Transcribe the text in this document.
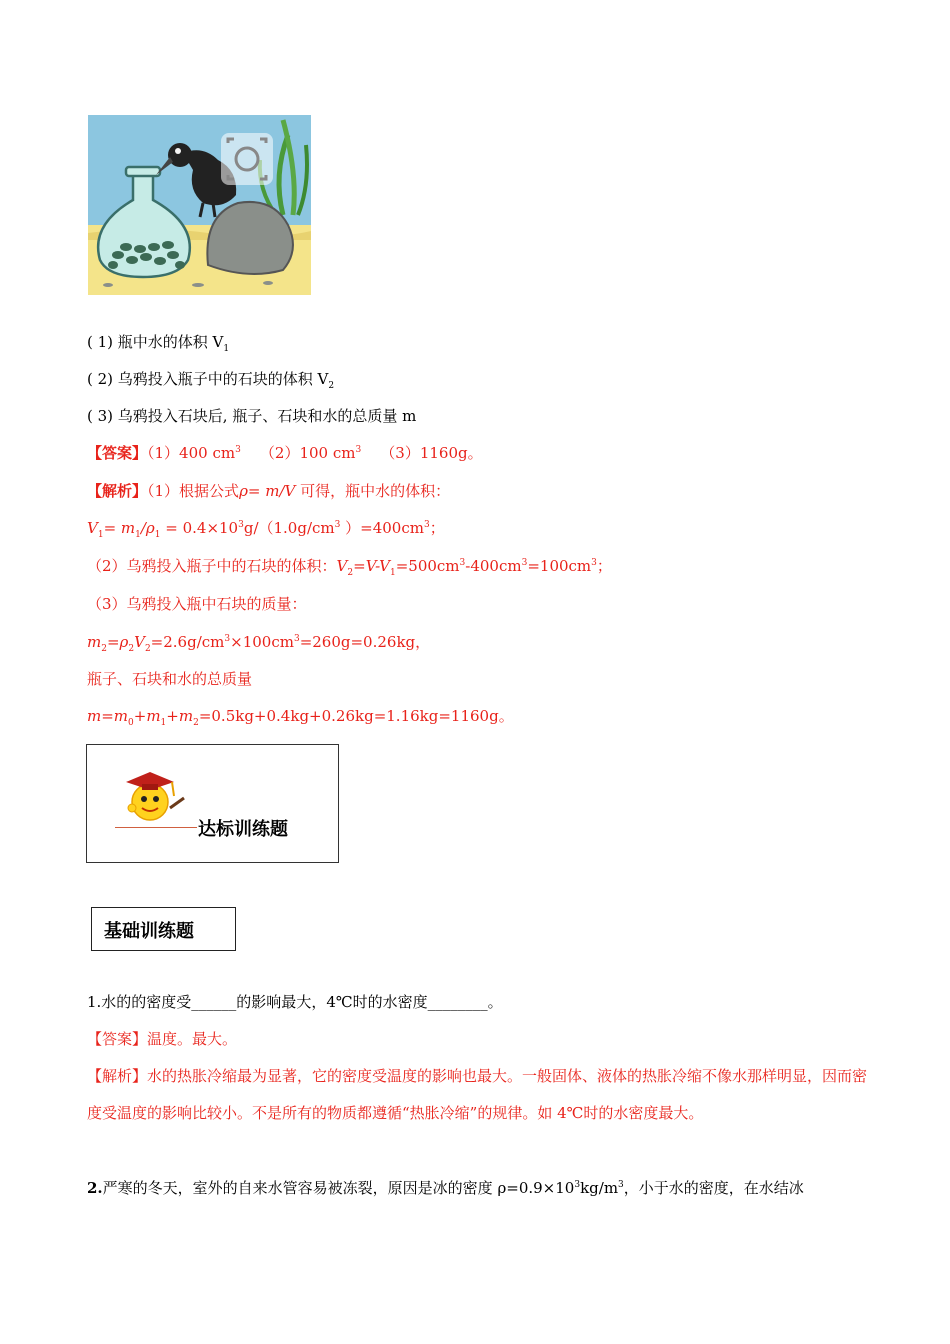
( 1) 瓶中水的体积 $V_1$
( 2) 乌鸦投入瓶子中的石块的体积 $V_2$
( 3) 乌鸦投入石块后, 瓶子、石块和水的总质量 m
【答案】（1）400 $cm^3$ （2）100 $cm^3$ （3）1160g。
【解析】（1）根据公式ρ= m/V 可得，瓶中水的体积：
$V_1= m_1/\rho_1 = 0.4\times 10^3g/(1.0g/cm^3$ ）$=400cm^3$；
（2）乌鸦投入瓶子中的石块的体积：$V_2=V-V_1=500cm^3-400cm^3=100cm^3$；
（3）乌鸦投入瓶中石块的质量：
$m_2=\rho_2V_2=2.6g/cm^3\times 100cm^3=260g=0.26kg$，
瓶子、石块和水的总质量
$m=m_0+m_1+m_2=0.5kg+0.4kg+0.26kg=1.16kg=1160g$。
达标训练题
基础训练题
1.水的的密度受______的影响最大，4℃时的水密度________。
【答案】温度。最大。
【解析】水的热胀冷缩最为显著，它的密度受温度的影响也最大。一般固体、液体的热胀冷缩不像水那样明显，因而密度受温度的影响比较小。不是所有的物质都遵循“热胀冷缩”的规律。如 4℃时的水密度最大。
2.严寒的冬天，室外的自来水管容易被冻裂，原因是冰的密度 $\rho=0.9\times 10^3kg/m^3$，小于水的密度，在水结冰
